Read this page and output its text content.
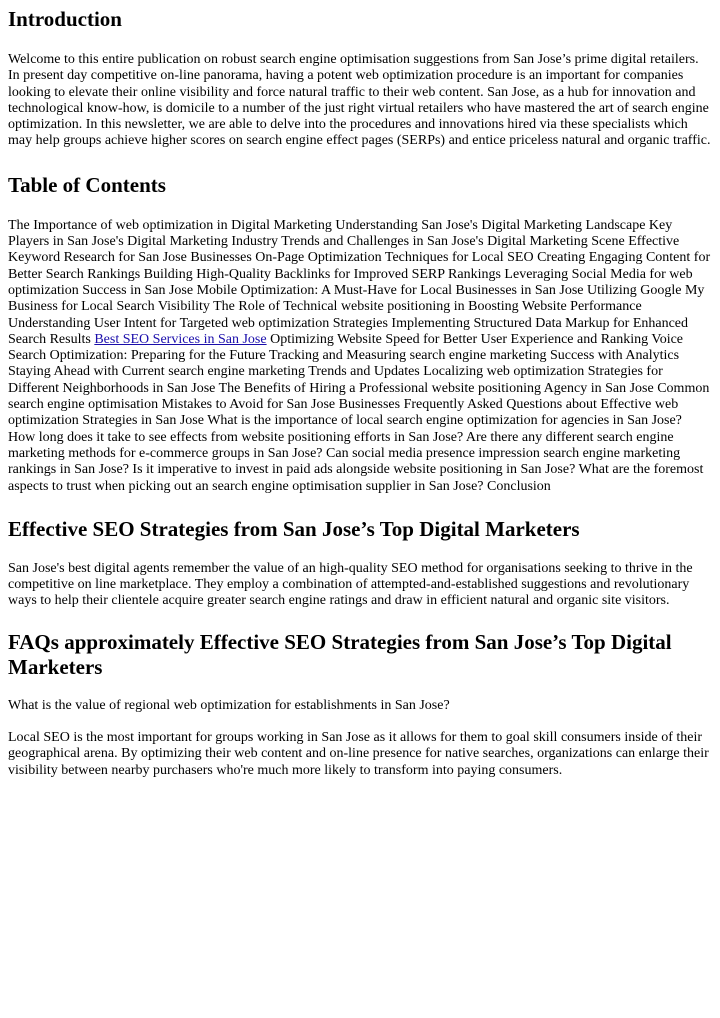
Introduction

Welcome to this entire publication on robust search engine optimisation suggestions from San Jose’s prime digital retailers. In present day competitive on-line panorama, having a potent web optimization procedure is an important for companies looking to elevate their online visibility and force natural traffic to their web content. San Jose, as a hub for innovation and technological know-how, is domicile to a number of the just right virtual retailers who have mastered the art of search engine optimization. In this newsletter, we are able to delve into the procedures and innovations hired via these specialists which may help groups achieve higher scores on search engine effect pages (SERPs) and entice priceless natural and organic traffic.

Table of Contents

The Importance of web optimization in Digital Marketing Understanding San Jose's Digital Marketing Landscape Key Players in San Jose's Digital Marketing Industry Trends and Challenges in San Jose's Digital Marketing Scene Effective Keyword Research for San Jose Businesses On-Page Optimization Techniques for Local SEO Creating Engaging Content for Better Search Rankings Building High-Quality Backlinks for Improved SERP Rankings Leveraging Social Media for web optimization Success in San Jose Mobile Optimization: A Must-Have for Local Businesses in San Jose Utilizing Google My Business for Local Search Visibility The Role of Technical website positioning in Boosting Website Performance Understanding User Intent for Targeted web optimization Strategies Implementing Structured Data Markup for Enhanced Search Results Best SEO Services in San Jose Optimizing Website Speed for Better User Experience and Ranking Voice Search Optimization: Preparing for the Future Tracking and Measuring search engine marketing Success with Analytics Staying Ahead with Current search engine marketing Trends and Updates Localizing web optimization Strategies for Different Neighborhoods in San Jose The Benefits of Hiring a Professional website positioning Agency in San Jose Common search engine optimisation Mistakes to Avoid for San Jose Businesses Frequently Asked Questions about Effective web optimization Strategies in San Jose What is the importance of local search engine optimization for agencies in San Jose? How long does it take to see effects from website positioning efforts in San Jose? Are there any different search engine marketing methods for e-commerce groups in San Jose? Can social media presence impression search engine marketing rankings in San Jose? Is it imperative to invest in paid ads alongside website positioning in San Jose? What are the foremost aspects to trust when picking out an search engine optimisation supplier in San Jose? Conclusion

Effective SEO Strategies from San Jose’s Top Digital Marketers

San Jose's best digital agents remember the value of an high-quality SEO method for organisations seeking to thrive in the competitive on line marketplace. They employ a combination of attempted-and-established suggestions and revolutionary ways to help their clientele acquire greater search engine ratings and draw in efficient natural and organic site visitors.

FAQs approximately Effective SEO Strategies from San Jose’s Top Digital Marketers

What is the value of regional web optimization for establishments in San Jose?

Local SEO is the most important for groups working in San Jose as it allows for them to goal skill consumers inside of their geographical arena. By optimizing their web content and on-line presence for native searches, organizations can enlarge their visibility between nearby purchasers who're much more likely to transform into paying consumers.
